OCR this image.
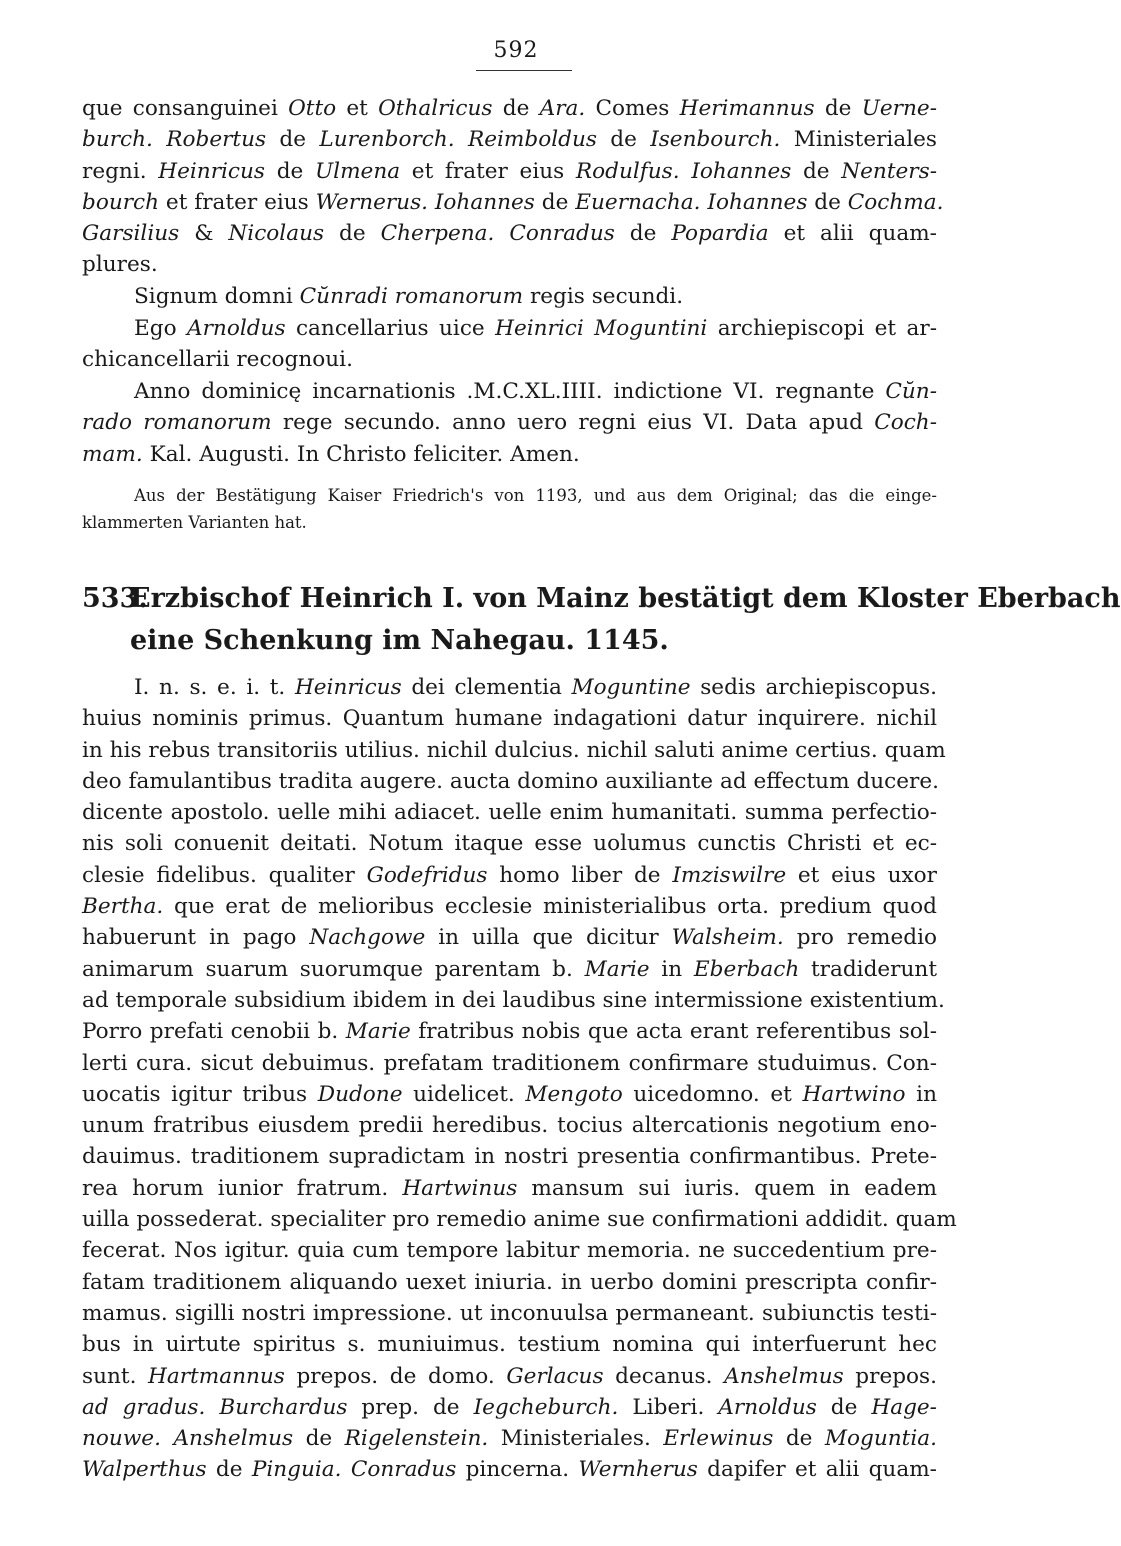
592
que consanguinei Otto et Othalricus de Ara. Comes Herimannus de Uerne-
burch. Robertus de Lurenborch. Reimboldus de Isenbourch. Ministeriales
regni. Heinricus de Ulmena et frater eius Rodulfus. Iohannes de Nenters-
bourch et frater eius Wernerus. Iohannes de Euernacha. Iohannes de Cochma.
Garsilius & Nicolaus de Cherpena. Conradus de Popardia et alii quam-
plures.
Signum domni Cŭnradi romanorum regis secundi.
Ego Arnoldus cancellarius uice Heinrici Moguntini archiepiscopi et ar-
chicancellarii recognoui.
Anno dominicę incarnationis .M.C.XL.IIII. indictione VI. regnante Cŭn-
rado romanorum rege secundo. anno uero regni eius VI. Data apud Coch-
mam. Kal. Augusti. In Christo feliciter. Amen.
Aus der Bestätigung Kaiser Friedrich's von 1193, und aus dem Original; das die einge-
klammerten Varianten hat.
533.Erzbischof Heinrich I. von Mainz bestätigt dem Kloster Eberbach
eine Schenkung im Naheɡau. 1145.
I. n. s. e. i. t. Heinricus dei clementia Moguntine sedis archiepiscopus.
huius nominis primus. Quantum humane indagationi datur inquirere. nichil
in his rebus transitoriis utilius. nichil dulcius. nichil saluti anime certius. quam
deo famulantibus tradita augere. aucta domino auxiliante ad effectum ducere.
dicente apostolo. uelle mihi adiacet. uelle enim humanitati. summa perfectio-
nis soli conuenit deitati. Notum itaque esse uolumus cunctis Christi et ec-
clesie fidelibus. qualiter Godefridus homo liber de Imziswilre et eius uxor
Bertha. que erat de melioribus ecclesie ministerialibus orta. predium quod
habuerunt in pago Nachgowe in uilla que dicitur Walsheim. pro remedio
animarum suarum suorumque parentam b. Marie in Eberbach tradiderunt
ad temporale subsidium ibidem in dei laudibus sine intermissione existentium.
Porro prefati cenobii b. Marie fratribus nobis que acta erant referentibus sol-
lerti cura. sicut debuimus. prefatam traditionem confirmare studuimus. Con-
uocatis igitur tribus Dudone uidelicet. Mengoto uicedomno. et Hartwino in
unum fratribus eiusdem predii heredibus. tocius altercationis negotium eno-
dauimus. traditionem supradictam in nostri presentia confirmantibus. Prete-
rea horum iunior fratrum. Hartwinus mansum sui iuris. quem in eadem
uilla possederat. specialiter pro remedio anime sue confirmationi addidit. quam
fecerat. Nos igitur. quia cum tempore labitur memoria. ne succedentium pre-
fatam traditionem aliquando uexet iniuria. in uerbo domini prescripta confir-
mamus. sigilli nostri impressione. ut inconuulsa permaneant. subiunctis testi-
bus in uirtute spiritus s. muniuimus. testium nomina qui interfuerunt hec
sunt. Hartmannus prepos. de domo. Gerlacus decanus. Anshelmus prepos.
ad gradus. Burchardus prep. de Iegcheburch. Liberi. Arnoldus de Hage-
nouwe. Anshelmus de Rigelenstein. Ministeriales. Erlewinus de Moguntia.
Walperthus de Pinguia. Conradus pincerna. Wernherus dapifer et alii quam-
